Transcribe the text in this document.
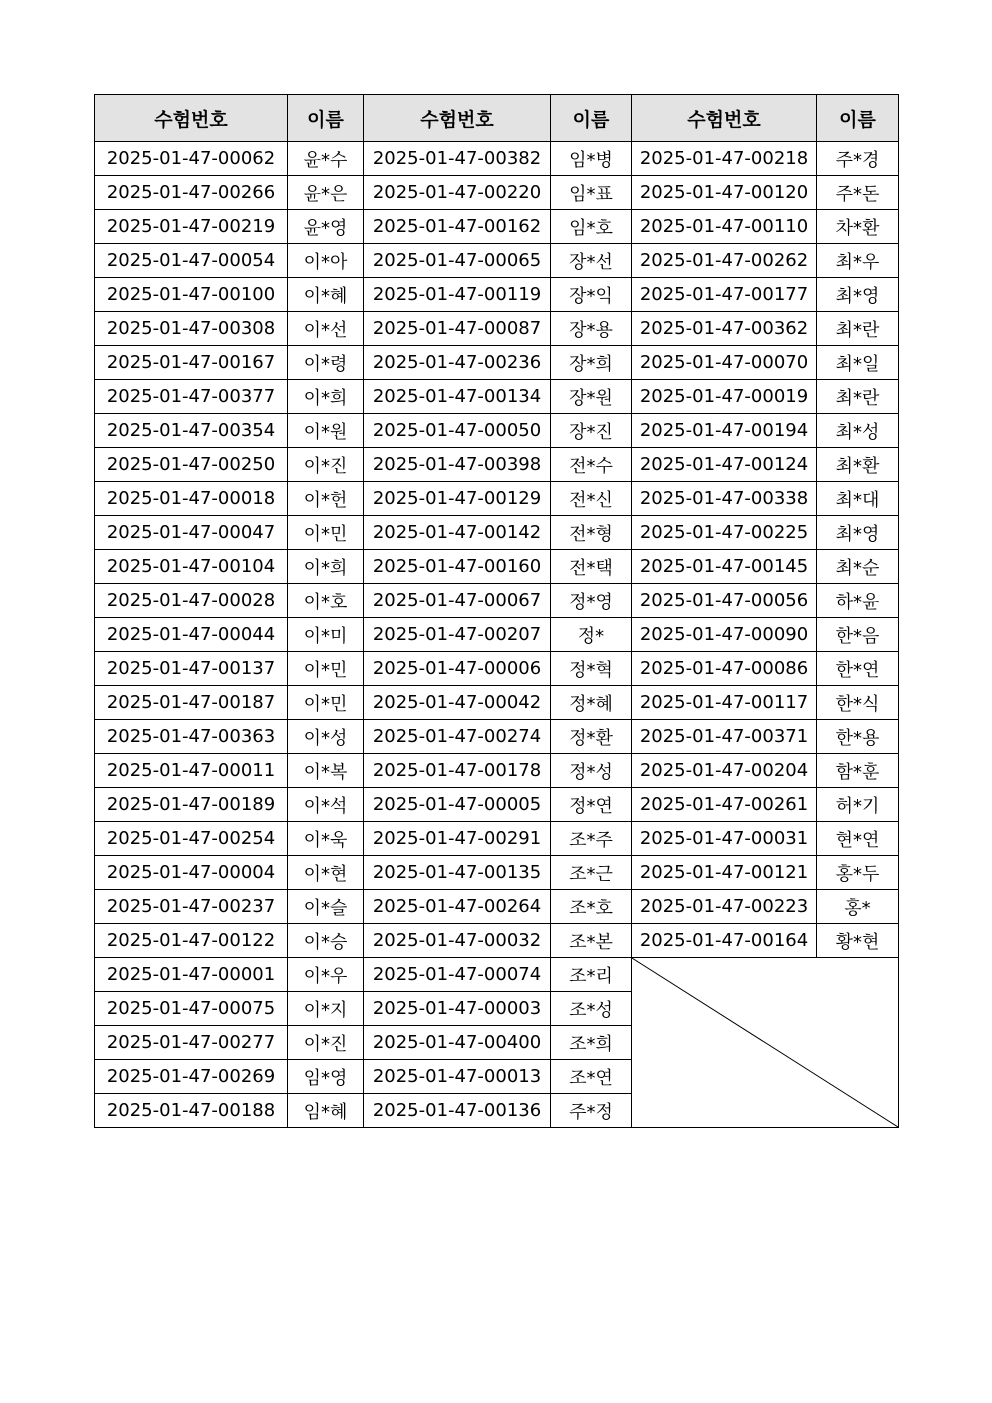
수험번호	이름	수험번호	이름	수험번호	이름
2025-01-47-00062	윤*수	2025-01-47-00382	임*병	2025-01-47-00218	주*경
2025-01-47-00266	윤*은	2025-01-47-00220	임*표	2025-01-47-00120	주*돈
2025-01-47-00219	윤*영	2025-01-47-00162	임*호	2025-01-47-00110	차*환
2025-01-47-00054	이*아	2025-01-47-00065	장*선	2025-01-47-00262	최*우
2025-01-47-00100	이*혜	2025-01-47-00119	장*익	2025-01-47-00177	최*영
2025-01-47-00308	이*선	2025-01-47-00087	장*용	2025-01-47-00362	최*란
2025-01-47-00167	이*령	2025-01-47-00236	장*희	2025-01-47-00070	최*일
2025-01-47-00377	이*희	2025-01-47-00134	장*원	2025-01-47-00019	최*란
2025-01-47-00354	이*원	2025-01-47-00050	장*진	2025-01-47-00194	최*성
2025-01-47-00250	이*진	2025-01-47-00398	전*수	2025-01-47-00124	최*환
2025-01-47-00018	이*헌	2025-01-47-00129	전*신	2025-01-47-00338	최*대
2025-01-47-00047	이*민	2025-01-47-00142	전*형	2025-01-47-00225	최*영
2025-01-47-00104	이*희	2025-01-47-00160	전*택	2025-01-47-00145	최*순
2025-01-47-00028	이*호	2025-01-47-00067	정*영	2025-01-47-00056	하*윤
2025-01-47-00044	이*미	2025-01-47-00207	정*	2025-01-47-00090	한*음
2025-01-47-00137	이*민	2025-01-47-00006	정*혁	2025-01-47-00086	한*연
2025-01-47-00187	이*민	2025-01-47-00042	정*혜	2025-01-47-00117	한*식
2025-01-47-00363	이*성	2025-01-47-00274	정*환	2025-01-47-00371	한*용
2025-01-47-00011	이*복	2025-01-47-00178	정*성	2025-01-47-00204	함*훈
2025-01-47-00189	이*석	2025-01-47-00005	정*연	2025-01-47-00261	허*기
2025-01-47-00254	이*욱	2025-01-47-00291	조*주	2025-01-47-00031	현*연
2025-01-47-00004	이*현	2025-01-47-00135	조*근	2025-01-47-00121	홍*두
2025-01-47-00237	이*슬	2025-01-47-00264	조*호	2025-01-47-00223	홍*
2025-01-47-00122	이*승	2025-01-47-00032	조*본	2025-01-47-00164	황*현
2025-01-47-00001	이*우	2025-01-47-00074	조*리	

2025-01-47-00075	이*지	2025-01-47-00003	조*성		
2025-01-47-00277	이*진	2025-01-47-00400	조*희		
2025-01-47-00269	임*영	2025-01-47-00013	조*연		
2025-01-47-00188	임*혜	2025-01-47-00136	주*정		
